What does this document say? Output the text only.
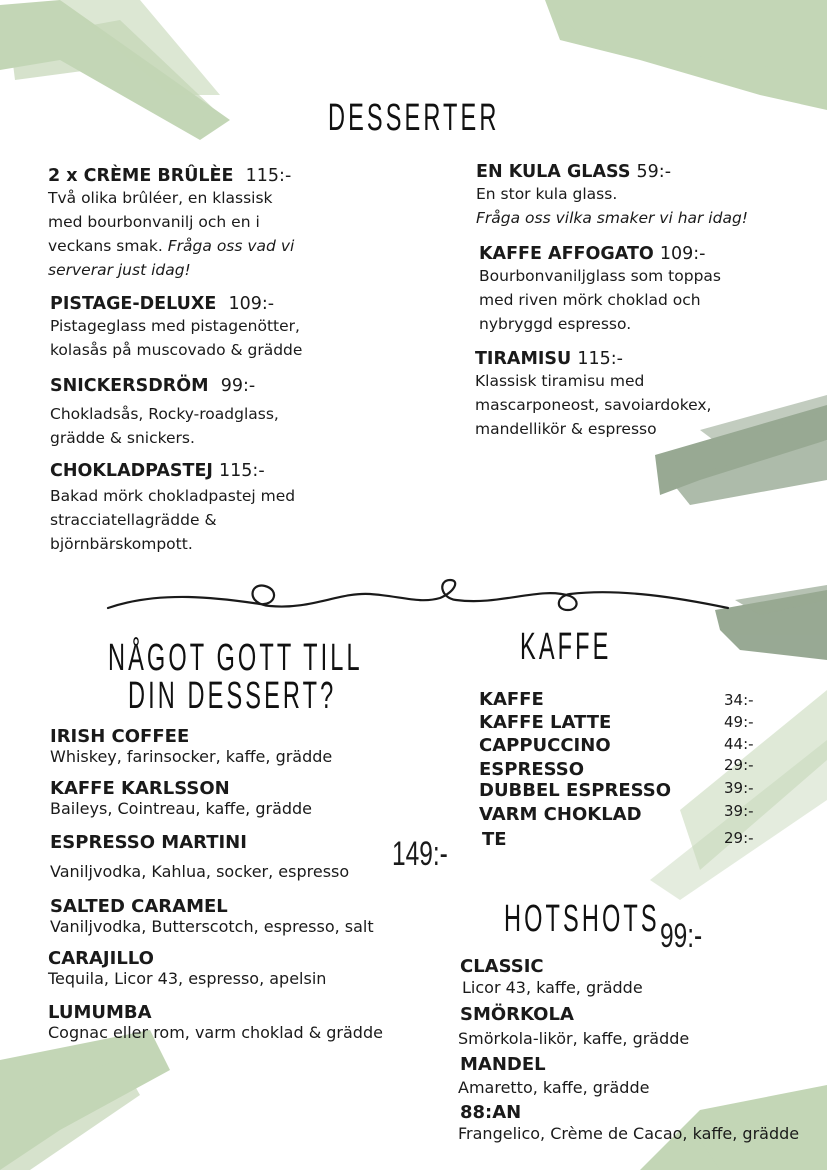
DESSERTER
2 x CRÈME BRÛLÈE 115:-
Två olika brûléer, en klassisk
med bourbonvanilj och en i
veckans smak. Fråga oss vad vi
serverar just idag!
PISTAGE-DELUXE 109:-
Pistageglass med pistagenötter,
kolasås på muscovado & grädde
SNICKERSDRÖM 99:-
Chokladsås, Rocky-roadglass,
grädde & snickers.
CHOKLADPASTEJ 115:-
Bakad mörk chokladpastej med
stracciatellagrädde &
björnbärskompott.
EN KULA GLASS 59:-
En stor kula glass.
Fråga oss vilka smaker vi har idag!
KAFFE AFFOGATO 109:-
Bourbonvaniljglass som toppas
med riven mörk choklad och
nybryggd espresso.
TIRAMISU 115:-
Klassisk tiramisu med
mascarponeost, savoiardokex,
mandellikör & espresso
NÅGOT GOTT TILL
DIN DESSERT?
IRISH COFFEE
Whiskey, farinsocker, kaffe, grädde
KAFFE KARLSSON
Baileys, Cointreau, kaffe, grädde
ESPRESSO MARTINI
Vaniljvodka, Kahlua, socker, espresso
SALTED CARAMEL
Vaniljvodka, Butterscotch, espresso, salt
CARAJILLO
Tequila, Licor 43, espresso, apelsin
LUMUMBA
Cognac eller rom, varm choklad & grädde
149:-
KAFFE
KAFFE	34:-
KAFFE LATTE	49:-
CAPPUCCINO	44:-
ESPRESSO	29:-
DUBBEL ESPRESSO	39:-
VARM CHOKLAD	39:-
TE	29:-
HOTSHOTS 99:-
CLASSIC
Licor 43, kaffe, grädde
SMÖRKOLA
Smörkola-likör, kaffe, grädde
MANDEL
Amaretto, kaffe, grädde
88:AN
Frangelico, Crème de Cacao, kaffe, grädde
